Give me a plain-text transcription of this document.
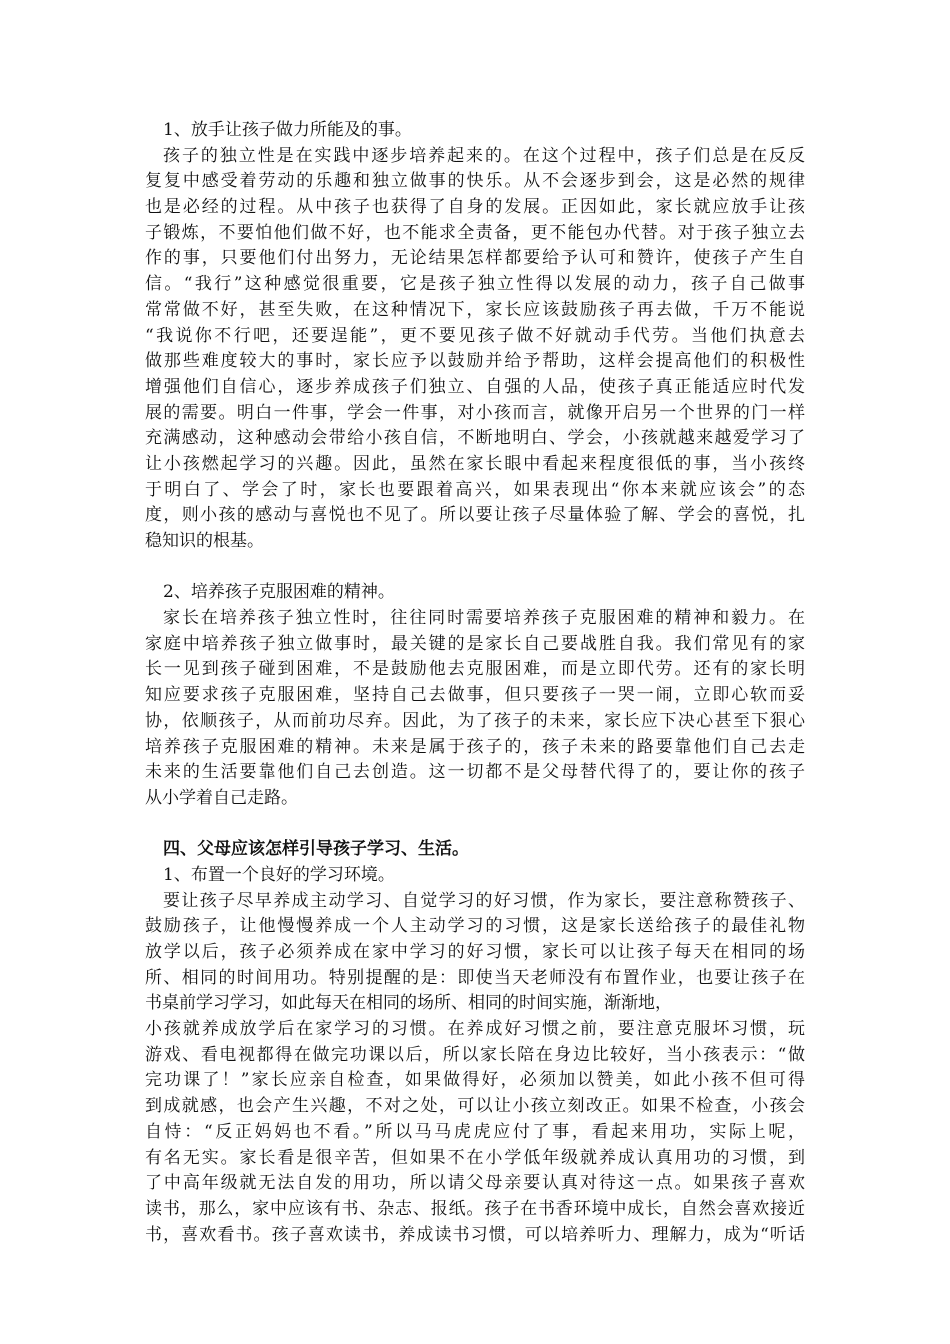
1、放手让孩子做力所能及的事。
孩子的独立性是在实践中逐步培养起来的。在这个过程中，孩子们总是在反反
复复中感受着劳动的乐趣和独立做事的快乐。从不会逐步到会，这是必然的规律
也是必经的过程。从中孩子也获得了自身的发展。正因如此，家长就应放手让孩
子锻炼，不要怕他们做不好，也不能求全责备，更不能包办代替。对于孩子独立去
作的事，只要他们付出努力，无论结果怎样都要给予认可和赞许，使孩子产生自
信。“我行”这种感觉很重要，它是孩子独立性得以发展的动力，孩子自己做事
常常做不好，甚至失败，在这种情况下，家长应该鼓励孩子再去做，千万不能说
“我说你不行吧，还要逞能”，更不要见孩子做不好就动手代劳。当他们执意去
做那些难度较大的事时，家长应予以鼓励并给予帮助，这样会提高他们的积极性
增强他们自信心，逐步养成孩子们独立、自强的人品，使孩子真正能适应时代发
展的需要。明白一件事，学会一件事，对小孩而言，就像开启另一个世界的门一样
充满感动，这种感动会带给小孩自信，不断地明白、学会，小孩就越来越爱学习了
让小孩燃起学习的兴趣。因此，虽然在家长眼中看起来程度很低的事，当小孩终
于明白了、学会了时，家长也要跟着高兴，如果表现出“你本来就应该会”的态
度，则小孩的感动与喜悦也不见了。所以要让孩子尽量体验了解、学会的喜悦，扎
稳知识的根基。
2、培养孩子克服困难的精神。
家长在培养孩子独立性时，往往同时需要培养孩子克服困难的精神和毅力。在
家庭中培养孩子独立做事时，最关键的是家长自己要战胜自我。我们常见有的家
长一见到孩子碰到困难，不是鼓励他去克服困难，而是立即代劳。还有的家长明
知应要求孩子克服困难，坚持自己去做事，但只要孩子一哭一闹，立即心软而妥
协，依顺孩子，从而前功尽弃。因此，为了孩子的未来，家长应下决心甚至下狠心
培养孩子克服困难的精神。未来是属于孩子的，孩子未来的路要靠他们自己去走
未来的生活要靠他们自己去创造。这一切都不是父母替代得了的，要让你的孩子
从小学着自己走路。
四、父母应该怎样引导孩子学习、生活。
1、布置一个良好的学习环境。
要让孩子尽早养成主动学习、自觉学习的好习惯，作为家长，要注意称赞孩子、
鼓励孩子，让他慢慢养成一个人主动学习的习惯，这是家长送给孩子的最佳礼物
放学以后，孩子必须养成在家中学习的好习惯，家长可以让孩子每天在相同的场
所、相同的时间用功。特别提醒的是：即使当天老师没有布置作业，也要让孩子在
书桌前学习学习，如此每天在相同的场所、相同的时间实施，渐渐地，
小孩就养成放学后在家学习的习惯。在养成好习惯之前，要注意克服坏习惯，玩
游戏、看电视都得在做完功课以后，所以家长陪在身边比较好，当小孩表示：“做
完功课了！”家长应亲自检查，如果做得好，必须加以赞美，如此小孩不但可得
到成就感，也会产生兴趣，不对之处，可以让小孩立刻改正。如果不检查，小孩会
自恃：“反正妈妈也不看。”所以马马虎虎应付了事，看起来用功，实际上呢，
有名无实。家长看是很辛苦，但如果不在小学低年级就养成认真用功的习惯，到
了中高年级就无法自发的用功，所以请父母亲要认真对待这一点。如果孩子喜欢
读书，那么，家中应该有书、杂志、报纸。孩子在书香环境中成长，自然会喜欢接近
书，喜欢看书。孩子喜欢读书，养成读书习惯，可以培养听力、理解力，成为“听话
